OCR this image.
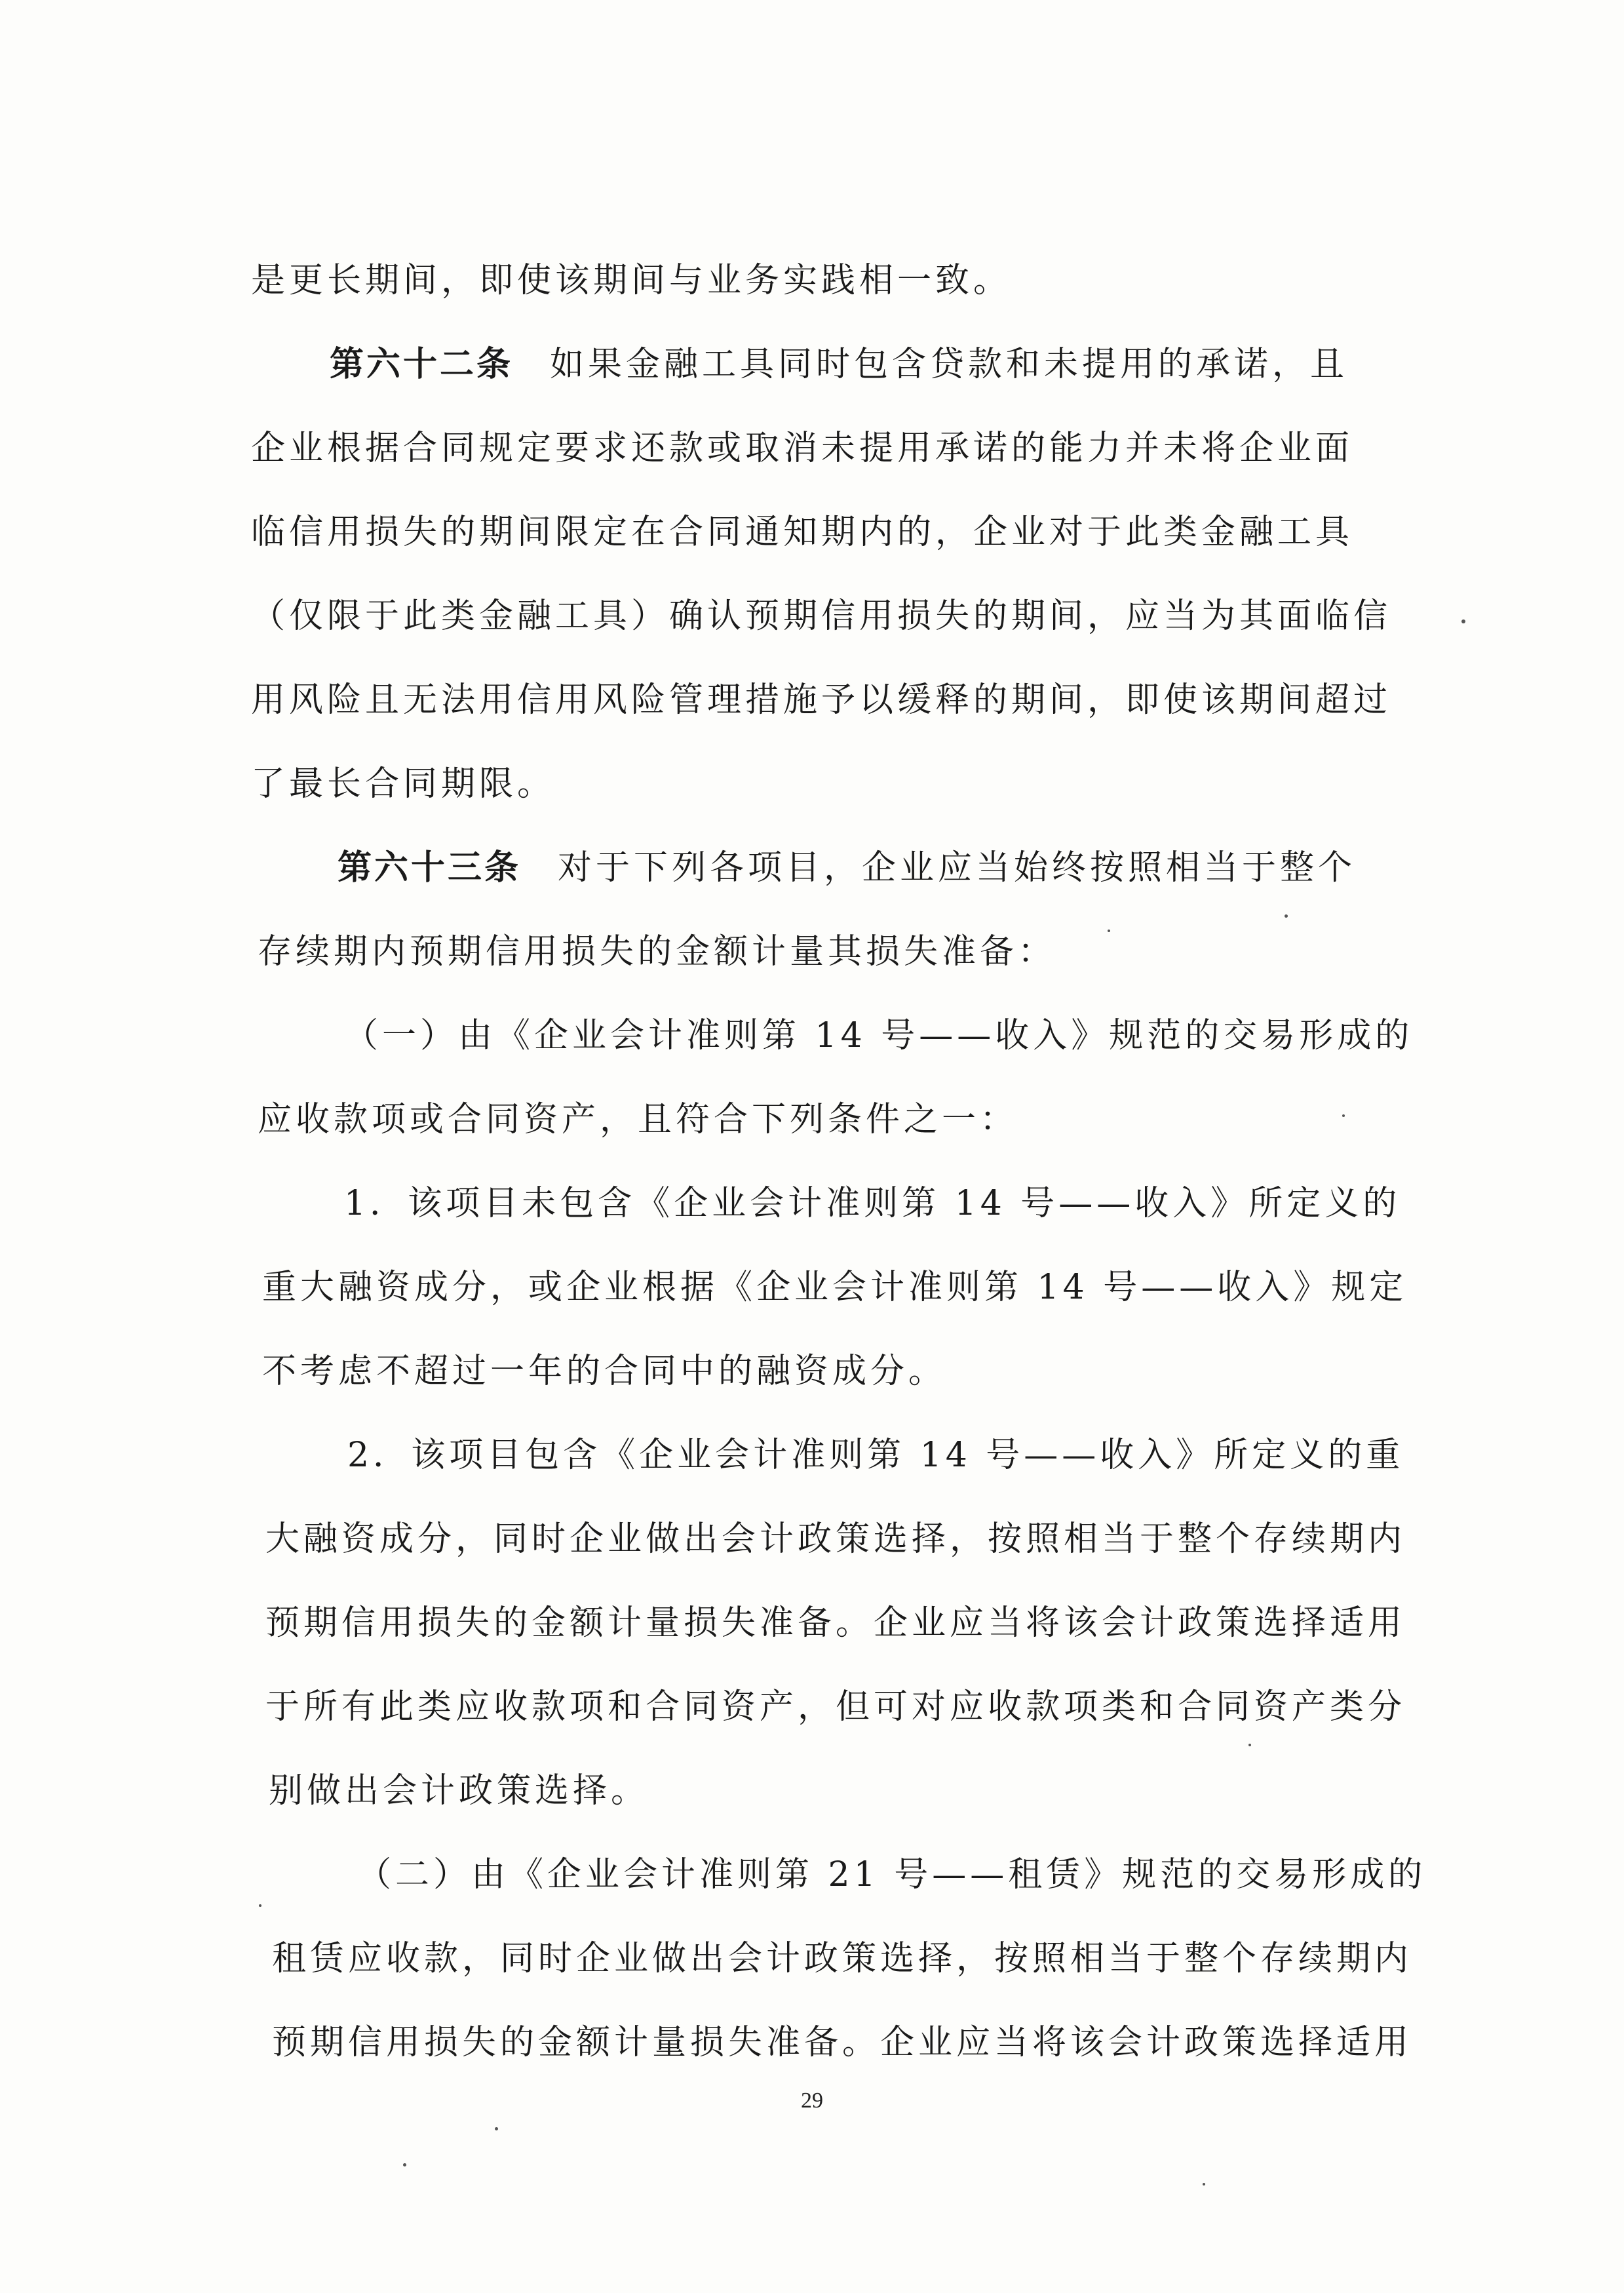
是更长期间，即使该期间与业务实践相一致。
第六十二条 如果金融工具同时包含贷款和未提用的承诺，且
企业根据合同规定要求还款或取消未提用承诺的能力并未将企业面
临信用损失的期间限定在合同通知期内的，企业对于此类金融工具
（仅限于此类金融工具）确认预期信用损失的期间，应当为其面临信
用风险且无法用信用风险管理措施予以缓释的期间，即使该期间超过
了最长合同期限。
第六十三条 对于下列各项目，企业应当始终按照相当于整个
存续期内预期信用损失的金额计量其损失准备：
（一）由《企业会计准则第 14 号——收入》规范的交易形成的
应收款项或合同资产，且符合下列条件之一：
1．该项目未包含《企业会计准则第 14 号——收入》所定义的
重大融资成分，或企业根据《企业会计准则第 14 号——收入》规定
不考虑不超过一年的合同中的融资成分。
2．该项目包含《企业会计准则第 14 号——收入》所定义的重
大融资成分，同时企业做出会计政策选择，按照相当于整个存续期内
预期信用损失的金额计量损失准备。企业应当将该会计政策选择适用
于所有此类应收款项和合同资产，但可对应收款项类和合同资产类分
别做出会计政策选择。
（二）由《企业会计准则第 21 号——租赁》规范的交易形成的
租赁应收款，同时企业做出会计政策选择，按照相当于整个存续期内
预期信用损失的金额计量损失准备。企业应当将该会计政策选择适用
29
